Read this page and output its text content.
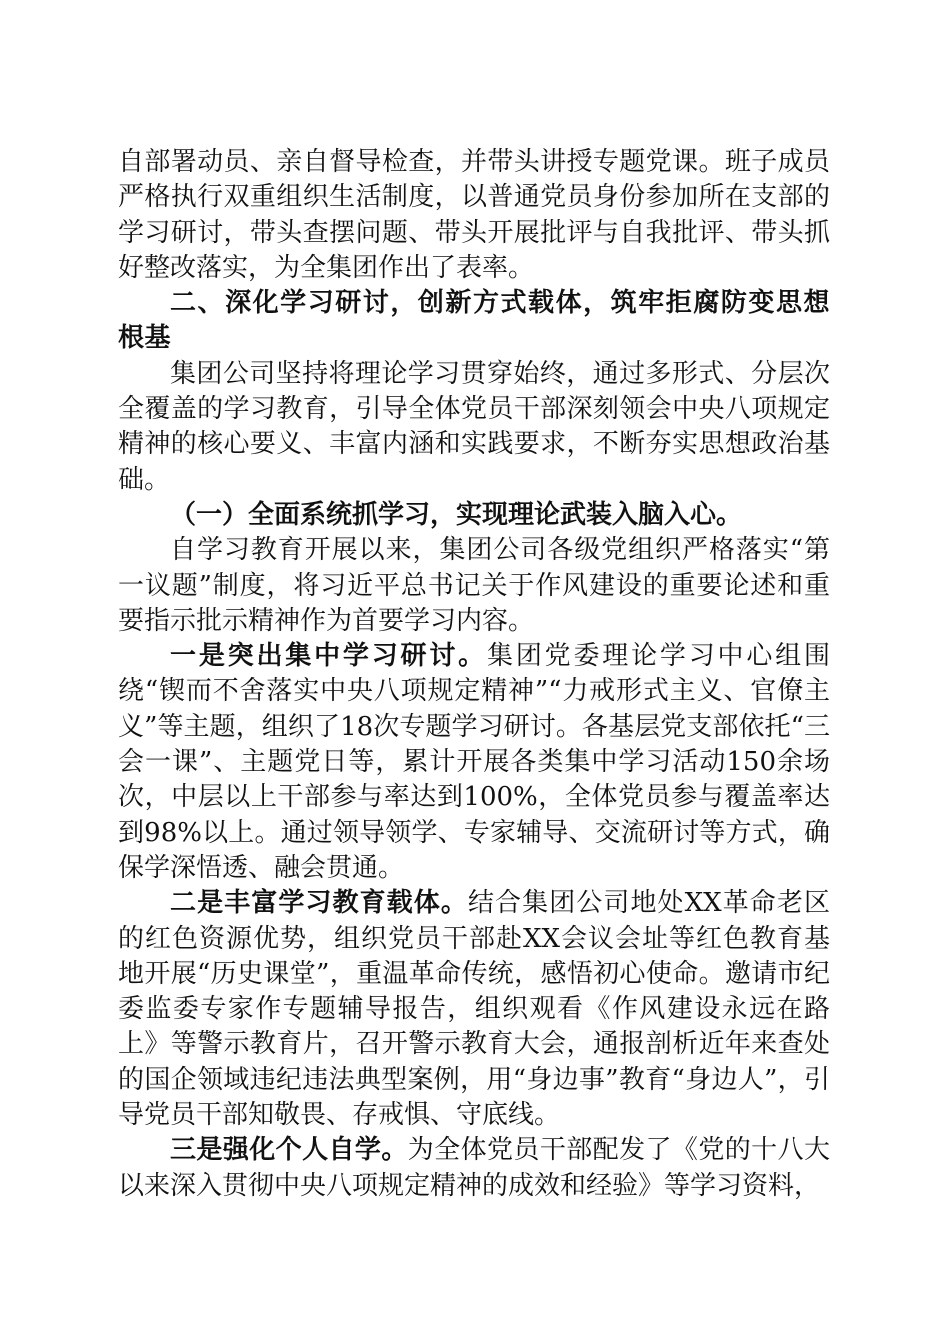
自部署动员、亲自督导检查，并带头讲授专题党课。班子成员严格执行双重组织生活制度，以普通党员身份参加所在支部的学习研讨，带头查摆问题、带头开展批评与自我批评、带头抓好整改落实，为全集团作出了表率。

二、深化学习研讨，创新方式载体，筑牢拒腐防变思想根基

集团公司坚持将理论学习贯穿始终，通过多形式、分层次全覆盖的学习教育，引导全体党员干部深刻领会中央八项规定精神的核心要义、丰富内涵和实践要求，不断夯实思想政治基础。

（一）全面系统抓学习，实现理论武装入脑入心。

自学习教育开展以来，集团公司各级党组织严格落实“第一议题”制度，将习近平总书记关于作风建设的重要论述和重要指示批示精神作为首要学习内容。

一是突出集中学习研讨。集团党委理论学习中心组围绕“锲而不舍落实中央八项规定精神”“力戒形式主义、官僚主义”等主题，组织了18次专题学习研讨。各基层党支部依托“三会一课”、主题党日等，累计开展各类集中学习活动150余场次，中层以上干部参与率达到100%，全体党员参与覆盖率达到98%以上。通过领导领学、专家辅导、交流研讨等方式，确保学深悟透、融会贯通。

二是丰富学习教育载体。结合集团公司地处XX革命老区的红色资源优势，组织党员干部赴XX会议会址等红色教育基地开展“历史课堂”，重温革命传统，感悟初心使命。邀请市纪委监委专家作专题辅导报告，组织观看《作风建设永远在路上》等警示教育片，召开警示教育大会，通报剖析近年来查处的国企领域违纪违法典型案例，用“身边事”教育“身边人”，引导党员干部知敬畏、存戒惧、守底线。

三是强化个人自学。为全体党员干部配发了《党的十八大以来深入贯彻中央八项规定精神的成效和经验》等学习资料，
